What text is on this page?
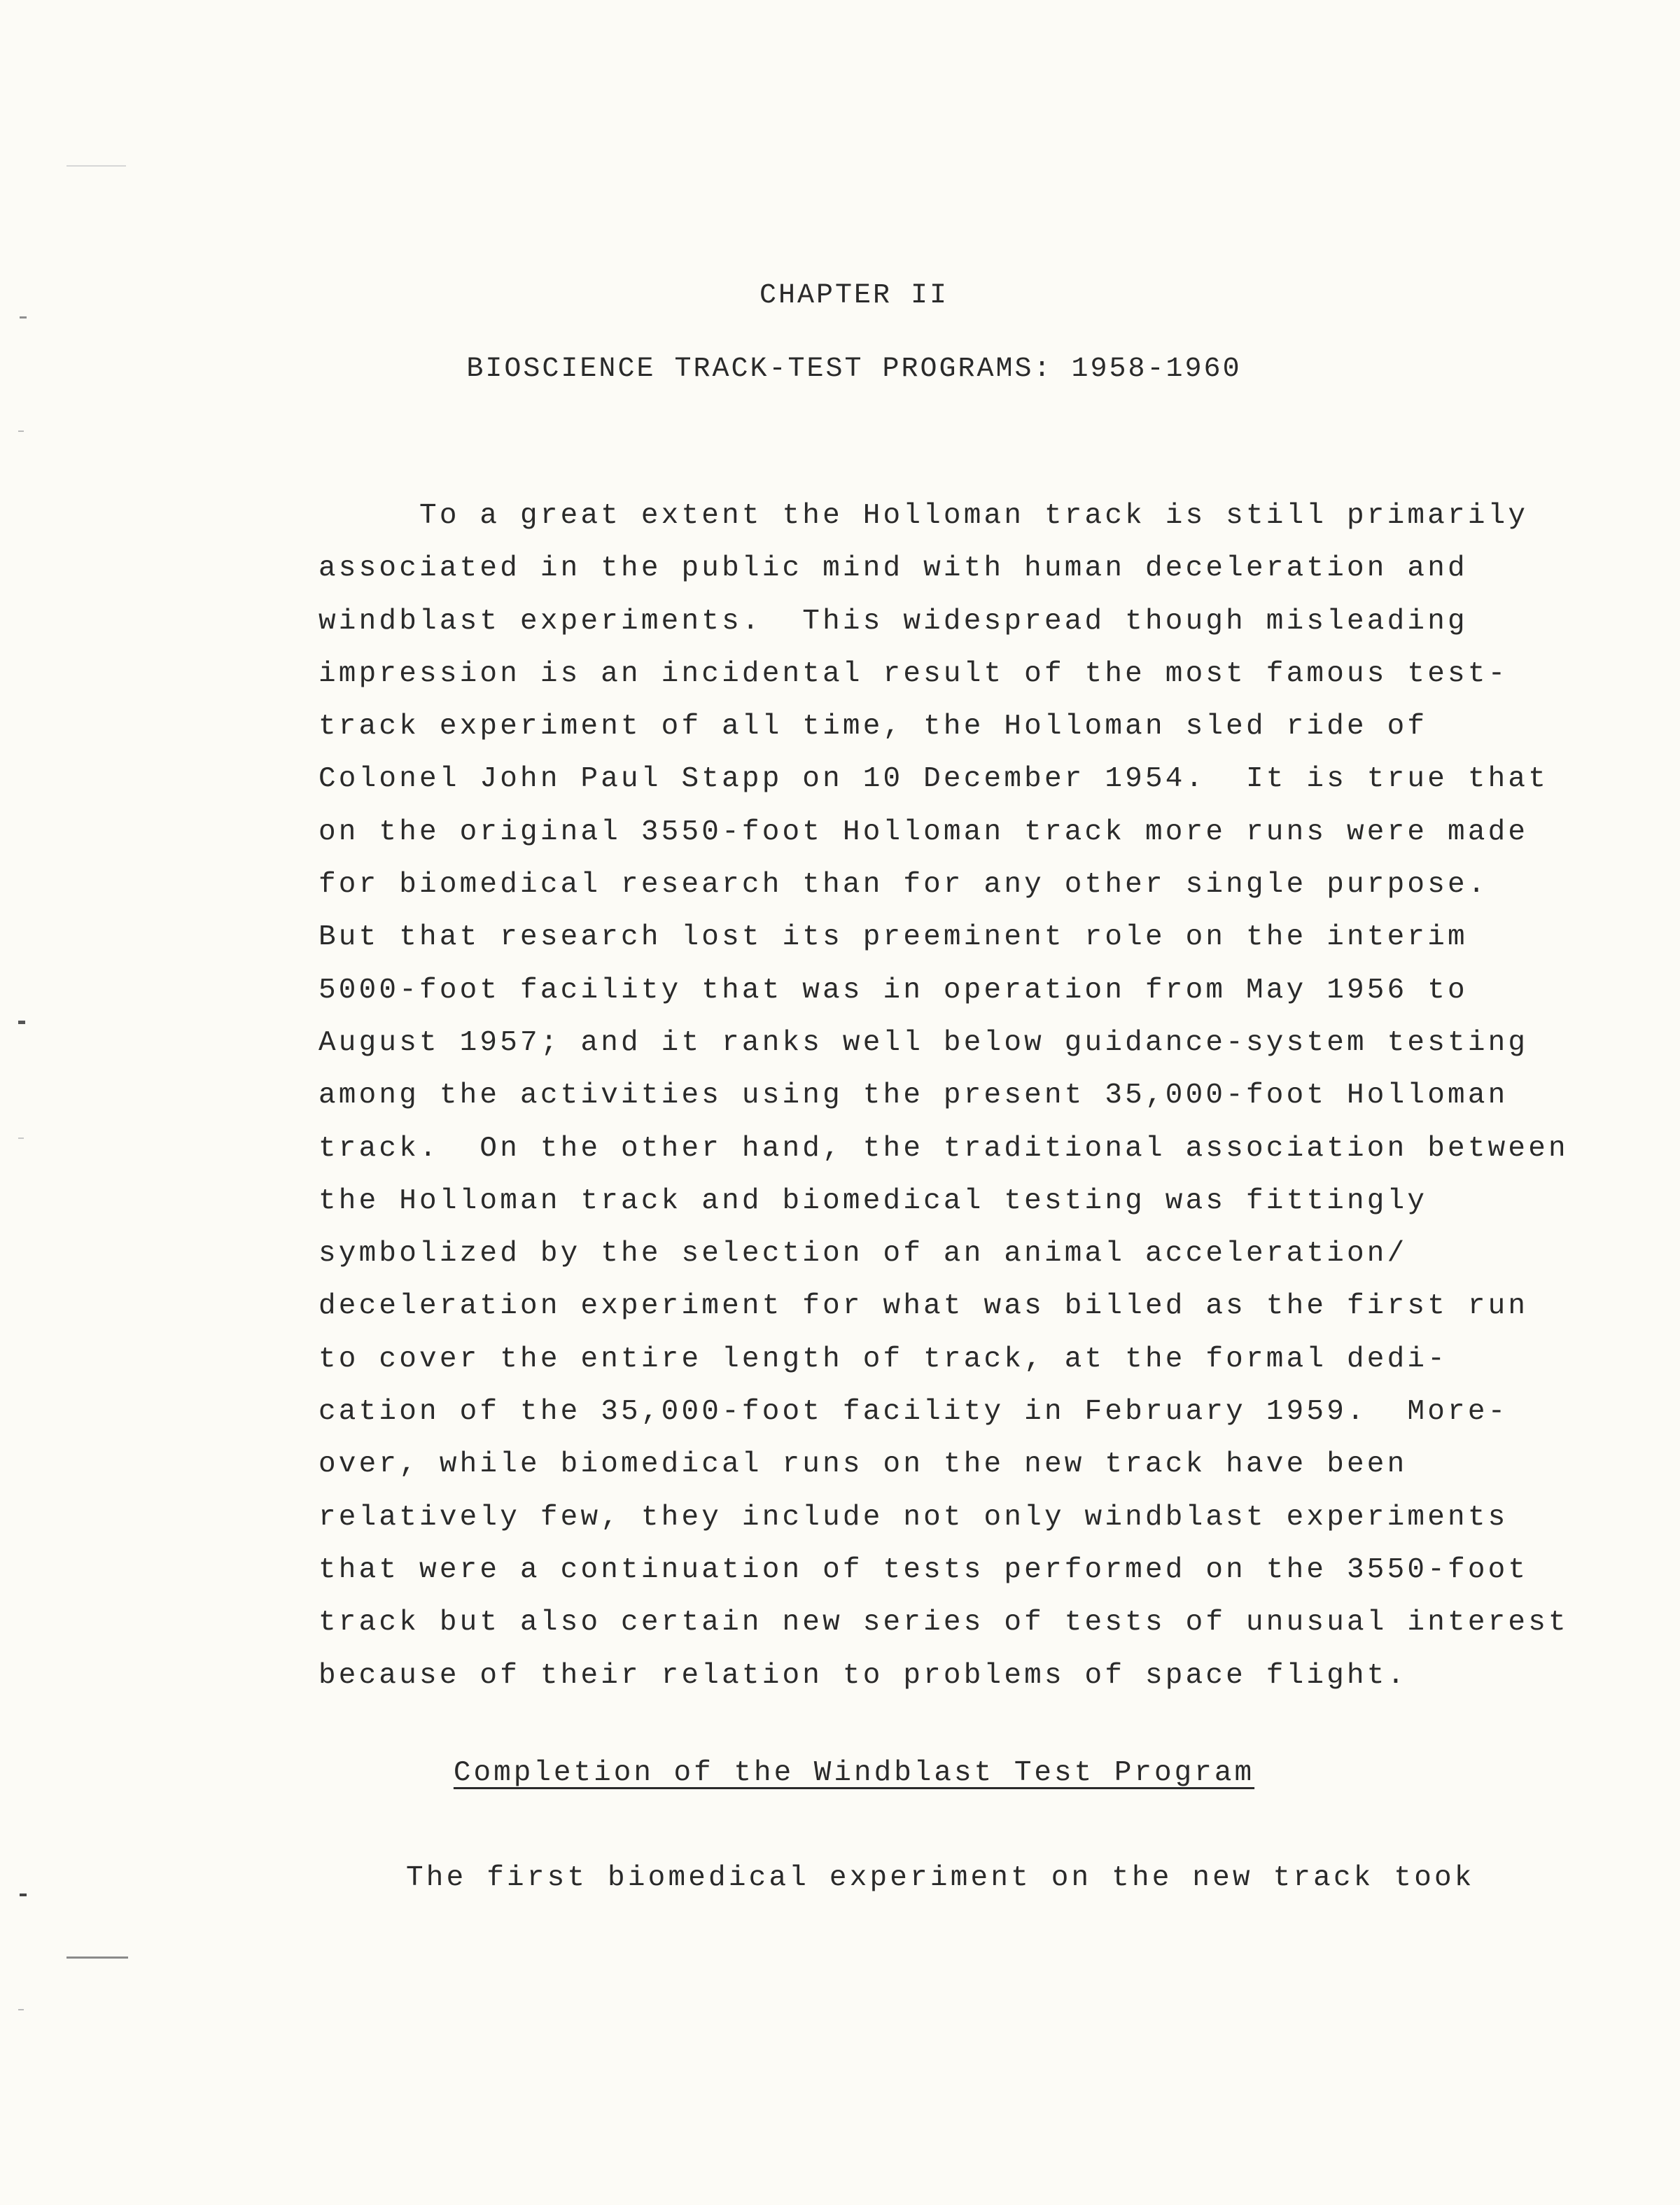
CHAPTER II
BIOSCIENCE TRACK-TEST PROGRAMS: 1958-1960
To a great extent the Holloman track is still primarily
associated in the public mind with human deceleration and
windblast experiments.  This widespread though misleading
impression is an incidental result of the most famous test-
track experiment of all time, the Holloman sled ride of
Colonel John Paul Stapp on 10 December 1954.  It is true that
on the original 3550-foot Holloman track more runs were made
for biomedical research than for any other single purpose.
But that research lost its preeminent role on the interim
5000-foot facility that was in operation from May 1956 to
August 1957; and it ranks well below guidance-system testing
among the activities using the present 35,000-foot Holloman
track.  On the other hand, the traditional association between
the Holloman track and biomedical testing was fittingly
symbolized by the selection of an animal acceleration/
deceleration experiment for what was billed as the first run
to cover the entire length of track, at the formal dedi-
cation of the 35,000-foot facility in February 1959.  More-
over, while biomedical runs on the new track have been
relatively few, they include not only windblast experiments
that were a continuation of tests performed on the 3550-foot
track but also certain new series of tests of unusual interest
because of their relation to problems of space flight.
Completion of the Windblast Test Program
The first biomedical experiment on the new track took
